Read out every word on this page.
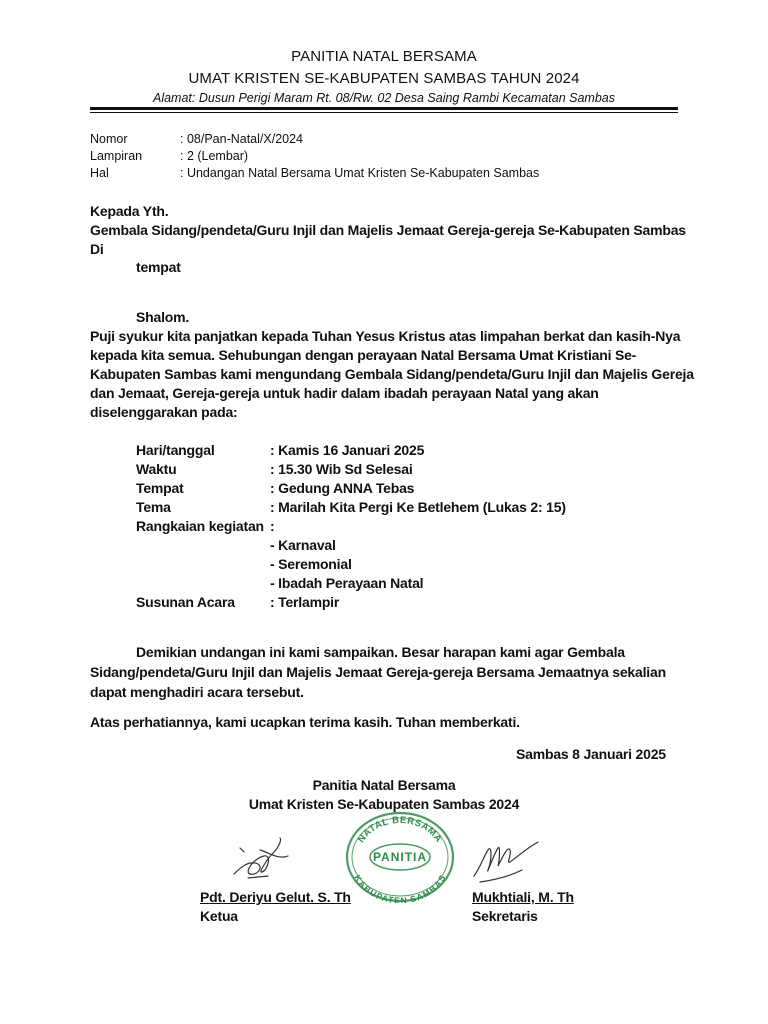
PANITIA NATAL BERSAMA
UMAT KRISTEN SE-KABUPATEN SAMBAS TAHUN 2024
Alamat: Dusun Perigi Maram Rt. 08/Rw. 02 Desa Saing Rambi Kecamatan Sambas
Nomor	: 08/Pan-Natal/X/2024
Lampiran	: 2 (Lembar)
Hal	: Undangan Natal Bersama Umat Kristen Se-Kabupaten Sambas
Kepada Yth.
Gembala Sidang/pendeta/Guru Injil dan Majelis Jemaat Gereja-gereja Se-Kabupaten Sambas
Di
tempat
Shalom.
Puji syukur kita panjatkan kepada Tuhan Yesus Kristus atas limpahan berkat dan kasih-Nya
kepada kita semua. Sehubungan dengan perayaan Natal Bersama Umat Kristiani Se-
Kabupaten Sambas kami mengundang Gembala Sidang/pendeta/Guru Injil dan Majelis Gereja
dan Jemaat, Gereja-gereja untuk hadir dalam ibadah perayaan Natal yang akan
diselenggarakan pada:
Hari/tanggal	: Kamis 16 Januari 2025
Waktu	: 15.30 Wib Sd Selesai
Tempat	: Gedung ANNA Tebas
Tema	: Marilah Kita Pergi Ke Betlehem (Lukas 2: 15)
Rangkaian kegiatan :
- Karnaval
- Seremonial
- Ibadah Perayaan Natal
Susunan Acara	: Terlampir
Demikian undangan ini kami sampaikan. Besar harapan kami agar Gembala
Sidang/pendeta/Guru Injil dan Majelis Jemaat Gereja-gereja Bersama Jemaatnya sekalian
dapat menghadiri acara tersebut.
Atas perhatiannya, kami ucapkan terima kasih. Tuhan memberkati.
Sambas 8 Januari 2025
Panitia Natal Bersama
Umat Kristen Se-Kabupaten Sambas 2024
NATAL BERSAMA
PANITIA
KABUPATEN SAMBAS
Pdt. Deriyu Gelut. S. Th
Ketua
Mukhtiali, M. Th
Sekretaris
